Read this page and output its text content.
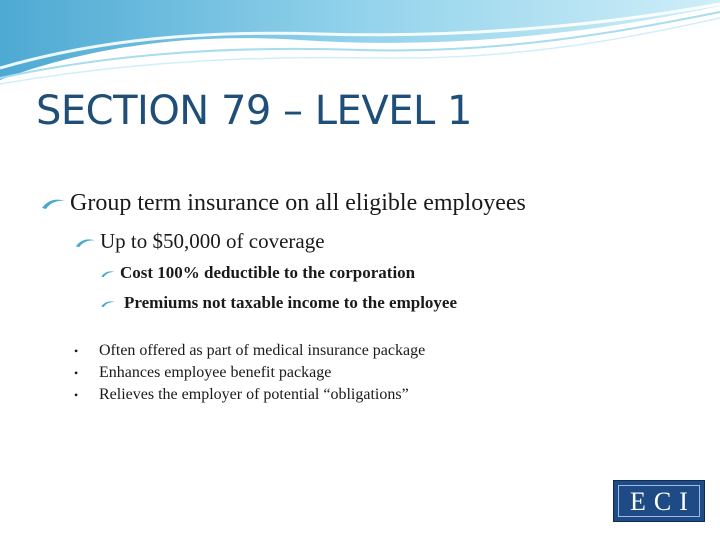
SECTION 79 – LEVEL 1
Group term insurance on all eligible employees
Up to $50,000 of coverage
Cost 100% deductible to the corporation
Premiums not taxable income to the employee
• Often offered as part of medical insurance package
• Enhances employee benefit package
• Relieves the employer of potential “obligations”
ECI
